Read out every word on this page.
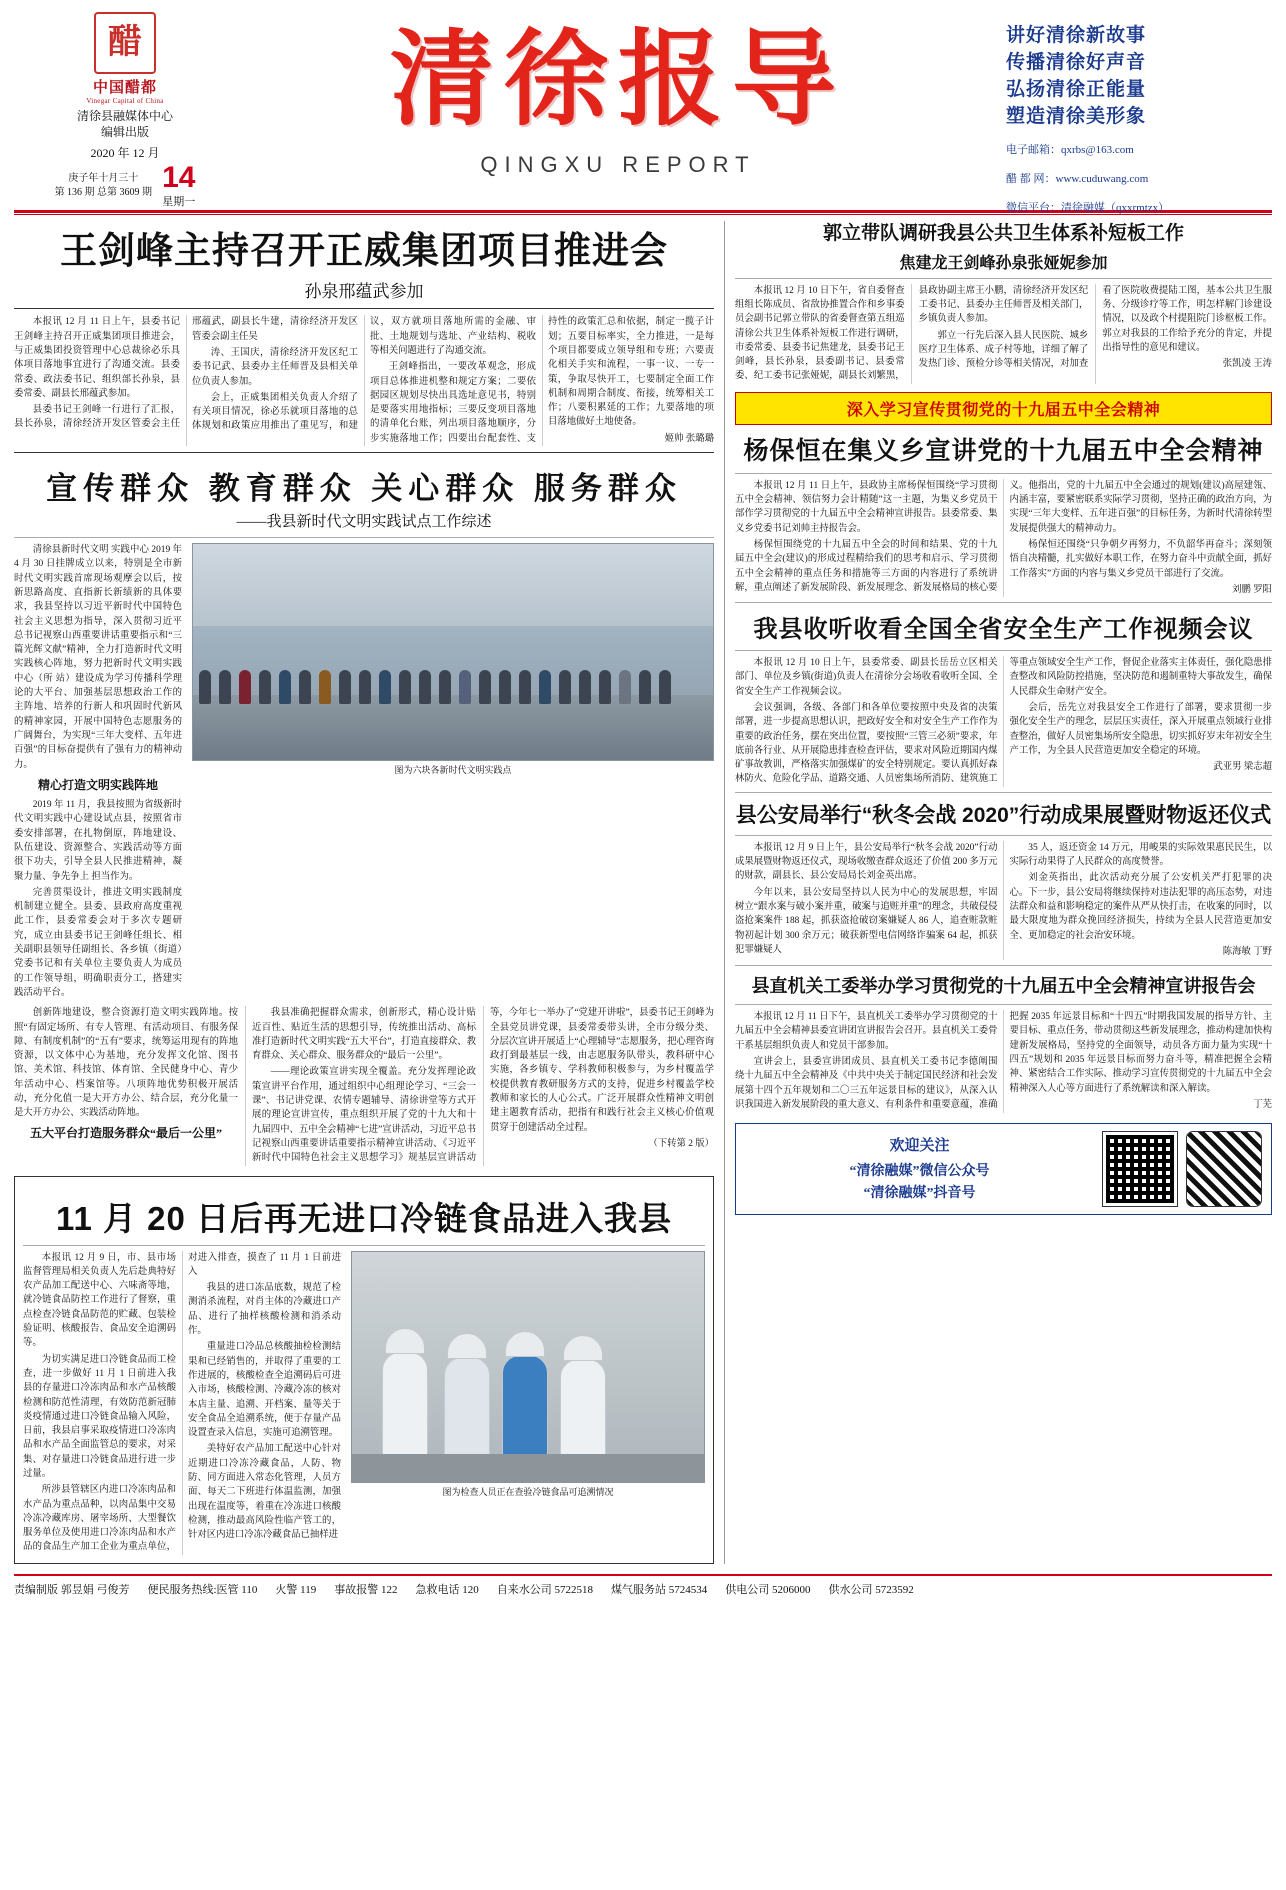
醋
中国醋都
Vinegar Capital of China
清徐县融媒体中心
编辑出版
2020 年 12 月
庚子年十月三十
第 136 期 总第 3609 期 14
星期一
清徐报导
QINGXU REPORT
讲好清徐新故事
传播清徐好声音
弘扬清徐正能量
塑造清徐美形象
电子邮箱：qxrbs@163.com
醋 都 网：www.cuduwang.com
微信平台：清徐融媒（qxxrmtzx）
王剑峰主持召开正威集团项目推进会
孙泉邢蕴武参加

本报讯 12 月 11 日上午，县委书记王剑峰主持召开正威集团项目推进会，与正威集团投资管理中心总裁徐必乐具体项目落地事宜进行了沟通交流。县委常委、政法委书记、组织部长孙泉，县委常委、副县长邢蕴武参加。

县委书记王剑峰一行进行了汇报，县长孙泉，清徐经济开发区管委会主任邢蕴武，副县长牛建，清徐经济开发区管委会副主任吴

涛、王国庆，清徐经济开发区纪工委书记武、县委办主任师晋及县相关单位负责人参加。

会上，正威集团相关负责人介绍了有关项目情况，徐必乐就项目落地的总体规划和政策应用推出了重见写，和建议，双方就项目落地所需的金融、审批、土地规划与选址、产业结构、税收等相关问题进行了沟通交流。

王剑峰指出，一要改革观念，形成项目总体推进机整和规定方案；二要依据园区规划尽快出具选址意见书，特别是要落实用地指标；三要反变项目落地的清单化台账，列出项目落地顺序，分步实施落地工作；四要出台配套性、支持性的政策汇总和依据，制定一揽子计划；五要目标率实，全力推进，一是每个项目都要成立领导组和专班；六要责化相关手实和流程，一事一议、一专一策，争取尽快开工，七要制定全面工作机制和周期合制度、衔接，统筹相关工作；八要积累延的工作；九要落地的项目落地做好土地使备。

姬帅 张璐璐

宣传群众 教育群众 关心群众 服务群众
——我县新时代文明实践试点工作综述

清徐县新时代文明 实践中心 2019 年 4 月 30 日挂牌成立以来，特别是全市新时代文明实践首席现场观摩会以后，按新思路高度、直指新长新绩新的具体要求，我县坚持以习近平新时代中国特色社会主义思想为指导，深入贯彻习近平总书记视察山西重要讲话重要指示和“三篇光辉文献”精神，全力打造新时代文明实践核心阵地，努力把新时代文明实践中心（所 站）建设成为学习传播科学理论的大平台、加强基层思想政治工作的主阵地、培养的行新人和巩固时代新风的精神家园，开展中国特色志愿服务的广阔舞台，为实现“三年大变样、五年进百强”的目标奋提供有了强有力的精神动力。

精心打造文明实践阵地

2019 年 11 月，我县按照为省级新时代文明实践中心建设试点县，按照省市委安排部署，在扎物倒原，阵地建设、队伍建设、资源整合、实践活动等方面很下功夫，引导全县人民推进精神，凝聚力量、争先争上 担当作为。

完善贯渠设计，推进文明实践制度机制建立健全。县委、县政府高度重视此工作，县委常委会对于多次专题研究，成立由县委书记王剑峰任组长、相关副职县领导任副组长、各乡镇（街道）党委书记和有关单位主要负责人为成员的工作领导组，明确职责分工，搭建实践活动平台。

图为六块各新时代文明实践点

创新阵地建设，整合资源打造文明实践阵地。按照“有固定场所、有专人管理、有活动项目、有服务保障、有制度机制”的“五有”要求，统筹运用现有的阵地资源，以文体中心为基地，充分发挥文化馆、图书馆、美术馆、科技馆、体育馆、全民健身中心、青少年活动中心、档案馆等。八项阵地优势积极开展活动，充分化值一是大开方办公、结合层，充分化量一是大开方办公、实践活动阵地。

五大平台打造服务群众“最后一公里”

我县准确把握群众需求，创新形式，精心设计贴近百性、贴近生活的思想引导，传统推出活动、高标准打造新时代文明实践“五大平台”，打造直接群众、教育群众、关心群众、服务群众的“最后一公里”。

——理论政策宣讲实现全覆盖。充分发挥理论政策宣讲平台作用，通过组织中心组理论学习、“三会一课”、书记讲党课、农情专题辅导、清徐讲堂等方式开展的理论宣讲宣传，重点组织开展了党的十九大和十九届四中、五中全会精神“七进”宣讲活动，习近平总书记视察山西重要讲话重要指示精神宣讲活动、《习近平新时代中国特色社会主义思想学习》规基层宣讲活动等，今年七一举办了“党建开讲啦”，县委书记王剑峰为全县党员讲党课，县委常委带头讲，全市分级分类、分层次宣讲开展适上“心理辅导”志愿服务，把心理咨询政打到最基层一线，由志愿服务队带头，教科研中心实施，各乡镇专、学科教师积极参与，为乡村覆盖学校提供教育教研服务方式的支持，促进乡村覆盖学校教师和家长的人心公式。广泛开展群众性精神文明创建主题教育活动，把指有和践行社会主义核心价值观贯穿于创建活动全过程。

（下转第 2 版）

11 月 20 日后再无进口冷链食品进入我县

本报讯 12 月 9 日，市、县市场监督管理局相关负责人先后赴典特好农产品加工配送中心、六味斋等地，就冷链食品防控工作进行了督察，重点检查冷链食品防范的贮藏、包装检验证明、核酸报告、食品安全追溯码等。

为切实满足进口冷链食品而工检查，进一步做好 11 月 1 日前进入我县的存量进口冷冻肉品和水产品核酸检测和防范性清理，有效防范新冠肺炎疫情通过进口冷链食品输入风险，日前，我县启事采取疫情进口冷冻肉品和水产品全面监管总的要求，对采集、对存量进口冷链食品进行进一步过量。

所涉县管辖区内进口冷冻肉品和水产品为重点品种，以肉品集中交易冷冻冷藏库房、屠宰场所、大型餐饮服务单位及使用进口冷冻肉品和水产品的食品生产加工企业为重点单位，对进入排查，摸查了 11 月 1 日前进入

我县的进口冻品底数，规范了检测消杀流程，对肖主体的冷藏进口产品、进行了抽样核酸检测和消杀动作。

重量进口冷品总核酸抽检检测结果和已经销售的，并取得了重要的工作进展的，核酸检查全追溯码后可进入市场，核酸检测、冷藏冷冻的核对本店主量、追溯、开档案、量等关于安全食品全追溯系统，便于存量产品设置查录入信息，实施可追溯管理。

美特好农产品加工配送中心针对近期进口冷冻冷藏食品，人防、物防、同方面进入常态化管理，人员方面、每天二下班进行体温监测，加强出现在温度等，着重在冷冻进口核酸检测，推动最高风险性临产管工的，针对区内进口冷冻冷藏食品已抽样进

图为检查人员正在查验冷链食品可追溯情况
郭立带队调研我县公共卫生体系补短板工作
焦建龙王剑峰孙泉张娅妮参加

本报讯 12 月 10 日下午，省自委督查组组长陈成员、省敌协推置合作和乡事委员会副书记郭立带队的省委督查第五组巡清徐公共卫生体系补短板工作进行调研，市委常委、县委书记焦建龙，县委书记王剑峰，县长孙泉，县委副书记、县委常委、纪工委书记张娅妮，副县长刘繁黑，县政协副主席王小鹏，清徐经济开发区纪工委书记、县委办主任师晋及相关部门，乡镇负责人参加。

郭立一行先后深入县人民医院、城乡医疗卫生体系、成子村等地，详细了解了发热门诊、预检分诊等相关情况，对加查看了医院收费提陆工图，基本公共卫生服务、分级诊疗等工作，明怎样解门诊建设情况，以及政个村提阻院门诊枢板工作。郭立对我县的工作给予充分的肯定，并提出指导性的意见和建议。

张凯凌 王涛

深入学习宣传贯彻党的十九届五中全会精神
杨保恒在集义乡宣讲党的十九届五中全会精神

本报讯 12 月 11 日上午，县政协主席杨保恒围绕“学习贯彻五中全会精神、领信努力会计精随”这一主题，为集义乡党员干部作学习贯彻党的十九届五中全会精神宣讲报告。县委常委、集义乡党委书记刘帅主持报告会。

杨保恒围绕党的十九届五中全会的时间和结果、党的十九届五中全会(建议)的形成过程精给我们的思考和启示、学习贯彻五中全会精神的重点任务和措施等三方面的内容进行了系统讲解，重点阐述了新发展阶段、新发展理念、新发展格局的核心要义。他指出，党的十九届五中全会通过的规划(建议)高屋建瓴、内涵丰富，要紧密联系实际学习贯彻，坚持正确的政治方向，为实现“三年大变样、五年进百强”的目标任务，为新时代清徐转型发展提供强大的精神动力。

杨保恒还围绕“只争朝夕再努力，不负韶华再奋斗；深刻领悟自决精髓，扎实做好本职工作，在努力奋斗中贡献全面，抓好工作落实”方面的内容与集义乡党员干部进行了交流。

刘鹏 罗阳

我县收听收看全国全省安全生产工作视频会议

本报讯 12 月 10 日上午，县委常委、副县长岳岳立区相关部门、单位及乡镇(街道)负责人在清徐分会场收看收听全国、全省安全生产工作视频会议。

会议强调，各级、各部门和各单位要按照中央及省的决策部署，进一步提高思想认识，把政好安全和对安全生产工作作为重要的政治任务，摆在突出位置，要按照“三管三必须”要求，年底前各行业、从开展隐患排查检查评估，要求对风险近期国内煤矿事故教训，严格落实加强煤矿的安全特别规定。要认真抓好森林防火、危险化学品、道路交通、人员密集场所消防、建筑施工等重点领域安全生产工作，督促企业落实主体责任，强化隐患排查整改和风险防控措施，坚决防范和遏制重特大事故发生，确保人民群众生命财产安全。

会后，岳先立对我县安全工作进行了部署，要求贯彻一步强化安全生产的理念，层层压实责任，深入开展重点领域行业排查整治，做好人员密集场所安全隐患，切实抓好岁末年初安全生产工作，为全县人民营造更加安全稳定的环境。

武亚男 梁志超

县公安局举行“秋冬会战 2020”行动成果展暨财物返还仪式

本报讯 12 月 9 日上午，县公安局举行“秋冬会战 2020”行动成果展暨财物返还仪式，现场收缴查群众返还了价值 200 多万元的财款，副县长、县公安局局长刘金英出席。

今年以来，县公安局坚持以人民为中心的发展思想，牢固树立“跟水案与破小案并重，破案与追赃并重”的理念，共破侵侵盗抢案案件 188 起，抓获盗抢破窃案嫌疑人 86 人，追查赃款赃物初起计划 300 余万元；破获新型电信网络诈骗案 64 起，抓获犯罪嫌疑人

35 人，返还资金 14 万元，用峻果的实际效果惠民民生，以实际行动果得了人民群众的高度赞誉。

刘金英指出，此次活动充分展了公安机关严打犯罪的决心。下一步，县公安局将继续保持对违法犯罪的高压态势，对违法群众和益和影响稳定的案件从严从快打击，在收案的同时，以最大限度地为群众挽回经济损失，持续为全县人民营造更加安全、更加稳定的社会治安环境。

陈海敏 丁野

县直机关工委举办学习贯彻党的十九届五中全会精神宣讲报告会

本报讯 12 月 11 日下午，县直机关工委举办学习贯彻党的十九届五中全会精神县委宣讲团宣讲报告会召开。县直机关工委骨干系基层组织负责人和党员干部参加。

宣讲会上，县委宣讲团成员、县直机关工委书记李德阐围绕十九届五中全会精神及《中共中央关于制定国民经济和社会发展第十四个五年规划和二〇三五年远景目标的建议》，从深入认识我国进入新发展阶段的重大意义、有利条件和重要意蕴，准确把握 2035 年远景目标和“十四五”时期我国发展的指导方针、主要目标、重点任务，带动贯彻这些新发展理念，推动构建加快构建新发展格局，坚持党的全面领导，动员各方面力量为实现“十四五”规划和 2035 年远景目标而努力奋斗等，精准把握全会精神、紧密结合工作实际、推动学习宣传贯彻党的十九届五中全会精神深入人心等方面进行了系统解读和深入解读。

丁芜

欢迎关注
“清徐融媒”微信公众号
“清徐融媒”抖音号
责编制版 郭昱娟 弓俊芳 便民服务热线:医管 110 火警 119 事故报警 122 急救电话 120 自来水公司 5722518 煤气服务站 5724534 供电公司 5206000 供水公司 5723592
